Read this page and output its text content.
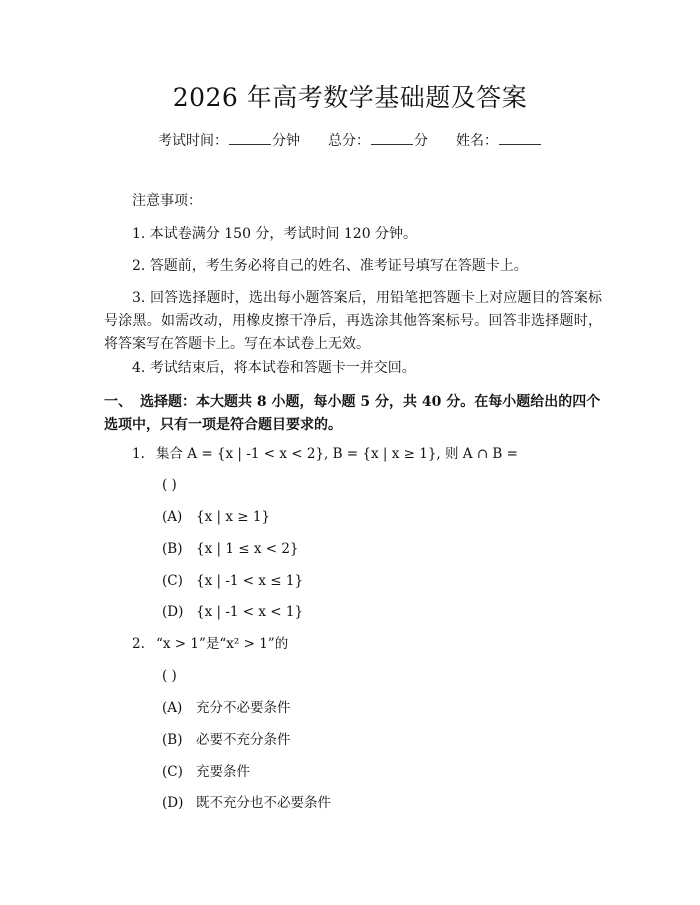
2026 年高考数学基础题及答案
考试时间：	分钟 总分：	分 姓名：
注意事项：
1. 本试卷满分 150 分，考试时间 120 分钟。
2. 答题前，考生务必将自己的姓名、准考证号填写在答题卡上。
3. 回答选择题时，选出每小题答案后，用铅笔把答题卡上对应题目的答案标号涂黑。如需改动，用橡皮擦干净后，再选涂其他答案标号。回答非选择题时，将答案写在答题卡上。写在本试卷上无效。
4. 考试结束后，将本试卷和答题卡一并交回。
一、 选择题：本大题共 8 小题，每小题 5 分，共 40 分。在每小题给出的四个选项中，只有一项是符合题目要求的。
1. 集合 A = {x | -1 < x < 2}, B = {x | x ≥ 1}, 则 A ∩ B =
( )
(A) {x | x ≥ 1}
(B) {x | 1 ≤ x < 2}
(C) {x | -1 < x ≤ 1}
(D) {x | -1 < x < 1}
2. “x > 1”是“x² > 1”的
( )
(A) 充分不必要条件
(B) 必要不充分条件
(C) 充要条件
(D) 既不充分也不必要条件
